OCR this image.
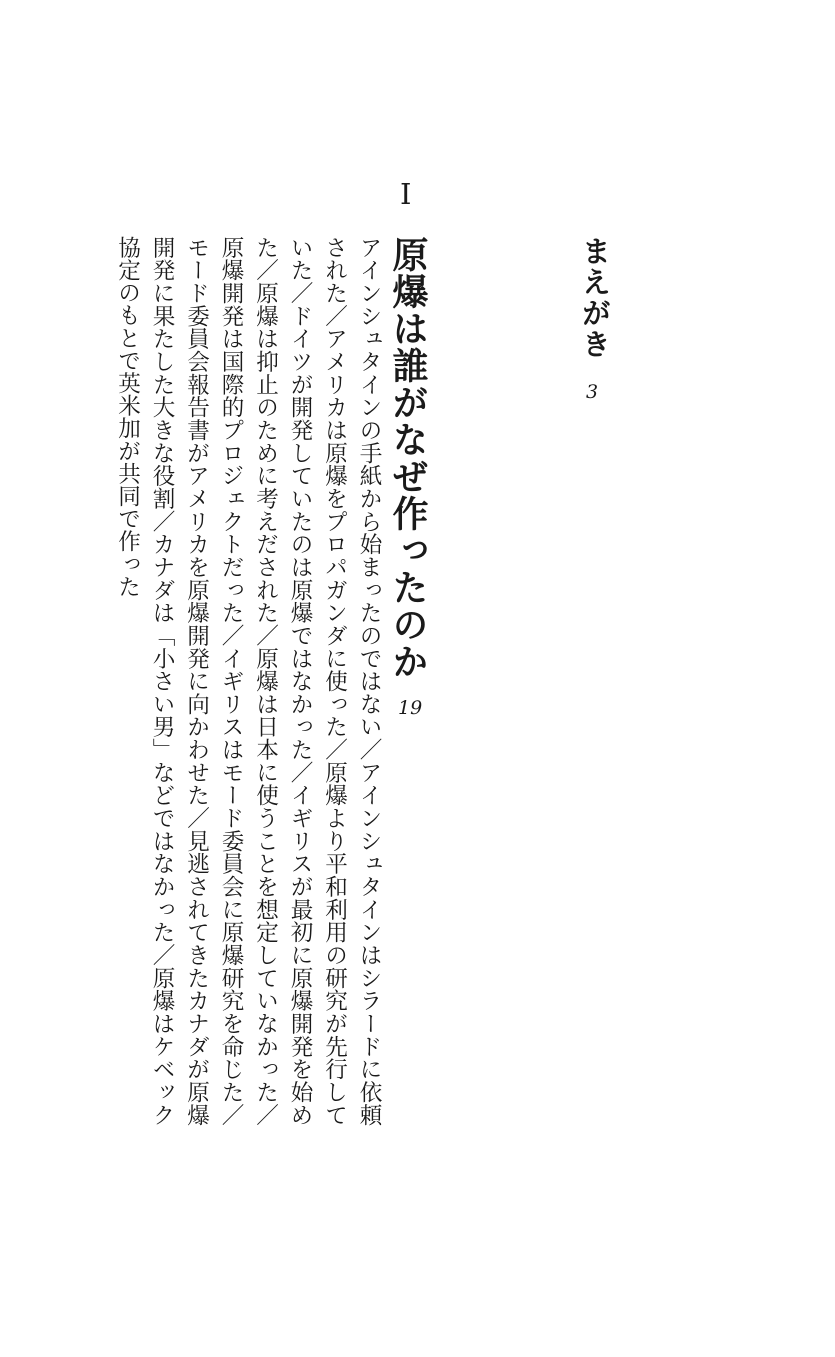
まえがき
3
I
原爆は誰がなぜ作ったのか
19

アインシュタインの手紙から始まったのではない／アインシュタインはシラードに依頼された／アメリカは原爆をプロパガンダに使った／原爆より平和利用の研究が先行していた／ドイツが開発していたのは原爆ではなかった／イギリスが最初に原爆開発を始めた／原爆は抑止のために考えだされた／原爆は日本に使うことを想定していなかった／原爆開発は国際的プロジェクトだった／イギリスはモード委員会に原爆研究を命じた／モード委員会報告書がアメリカを原爆開発に向かわせた／見逃されてきたカナダが原爆開発に果たした大きな役割／カナダは「小さい男」などではなかった／原爆はケベック協定のもとで英米加が共同で作った
